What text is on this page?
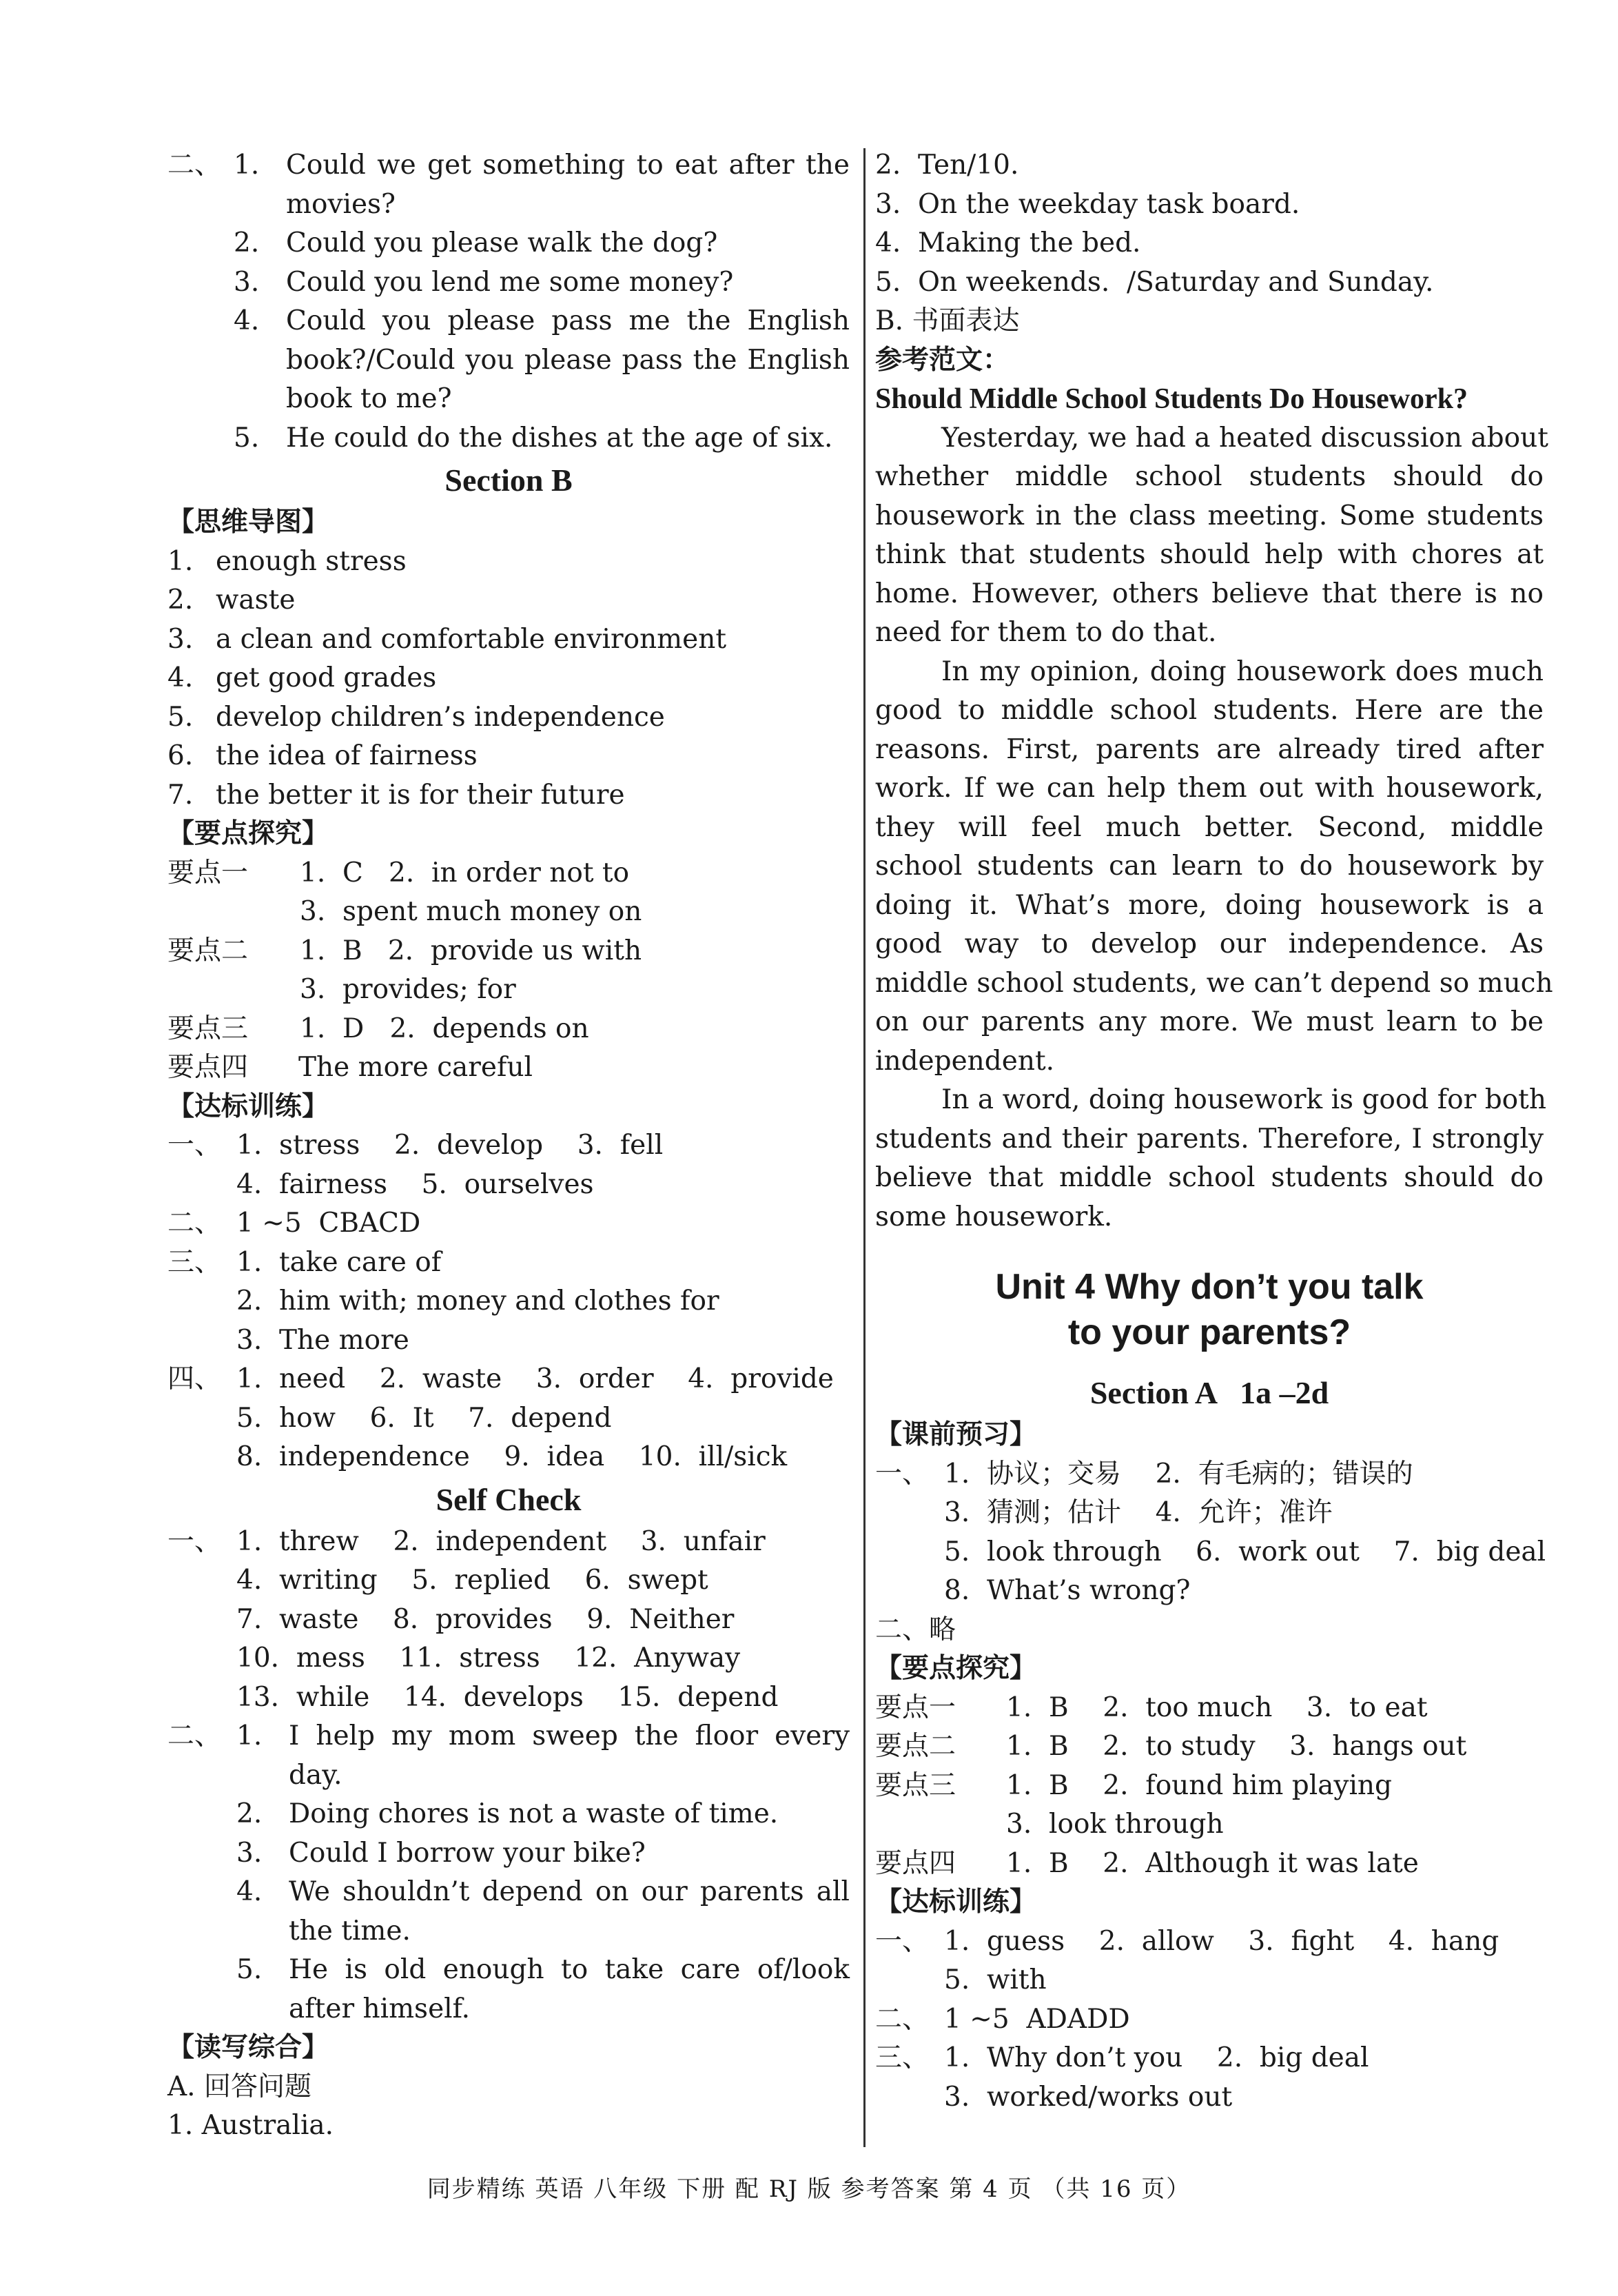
二、 1. Could we get something to eat after the
movies?
2. Could you please walk the dog?
3. Could you lend me some money?
4. Could you please pass me the English
book?/Could you please pass the English
book to me?
5. He could do the dishes at the age of six.
Section B
【思维导图】
1. enough stress
2. waste
3. a clean and comfortable environment
4. get good grades
5. develop children’s independence
6. the idea of fairness
7. the better it is for their future
【要点探究】
要点一	1.  C   2.  in order not to
3.  spent much money on
要点二	1.  B   2.  provide us with
3.  provides; for
要点三	1.  D   2.  depends on
要点四	The more careful
【达标训练】
一、 1.  stress    2.  develop    3.  fell
4.  fairness    5.  ourselves
二、 1 ~5  CBACD
三、 1.  take care of
2.  him with; money and clothes for
3.  The more
四、 1.  need    2.  waste    3.  order    4.  provide
5.  how    6.  It    7.  depend
8.  independence    9.  idea    10.  ill/sick
Self Check
一、 1.  threw    2.  independent    3.  unfair
4.  writing    5.  replied    6.  swept
7.  waste    8.  provides    9.  Neither
10.  mess    11.  stress    12.  Anyway
13.  while    14.  develops    15.  depend
二、 1. I help my mom sweep the floor every
day.
2. Doing chores is not a waste of time.
3. Could I borrow your bike?
4. We shouldn’t depend on our parents all
the time.
5. He is old enough to take care of/look
after himself.
【读写综合】
A. 回答问题
1. Australia.
2.  Ten/10.
3.  On the weekday task board.
4.  Making the bed.
5.  On weekends.  /Saturday and Sunday.
B. 书面表达
参考范文：
Should Middle School Students Do Housework?
Yesterday, we had a heated discussion about
whether middle school students should do
housework in the class meeting. Some students
think that students should help with chores at
home. However, others believe that there is no
need for them to do that.
In my opinion, doing housework does much
good to middle school students. Here are the
reasons. First, parents are already tired after
work. If we can help them out with housework,
they will feel much better. Second, middle
school students can learn to do housework by
doing it. What’s more, doing housework is a
good way to develop our independence. As
middle school students, we can’t depend so much
on our parents any more. We must learn to be
independent.
In a word, doing housework is good for both
students and their parents. Therefore, I strongly
believe that middle school students should do
some housework.
Unit 4 Why don’t you talk
to your parents?
Section A   1a –2d
【课前预习】
一、 1.  协议；交易    2.  有毛病的；错误的
3.  猜测；估计    4.  允许；准许
5.  look through    6.  work out    7.  big deal
8.  What’s wrong?
二、略
【要点探究】
要点一	1.  B    2.  too much    3.  to eat
要点二	1.  B    2.  to study    3.  hangs out
要点三	1.  B    2.  found him playing
3.  look through
要点四	1.  B    2.  Although it was late
【达标训练】
一、 1.  guess    2.  allow    3.  fight    4.  hang
5.  with
二、 1 ~5  ADADD
三、 1.  Why don’t you    2.  big deal
3.  worked/works out
同步精练 英语 八年级 下册 配 RJ 版 参考答案 第 4 页 （共 16 页）
